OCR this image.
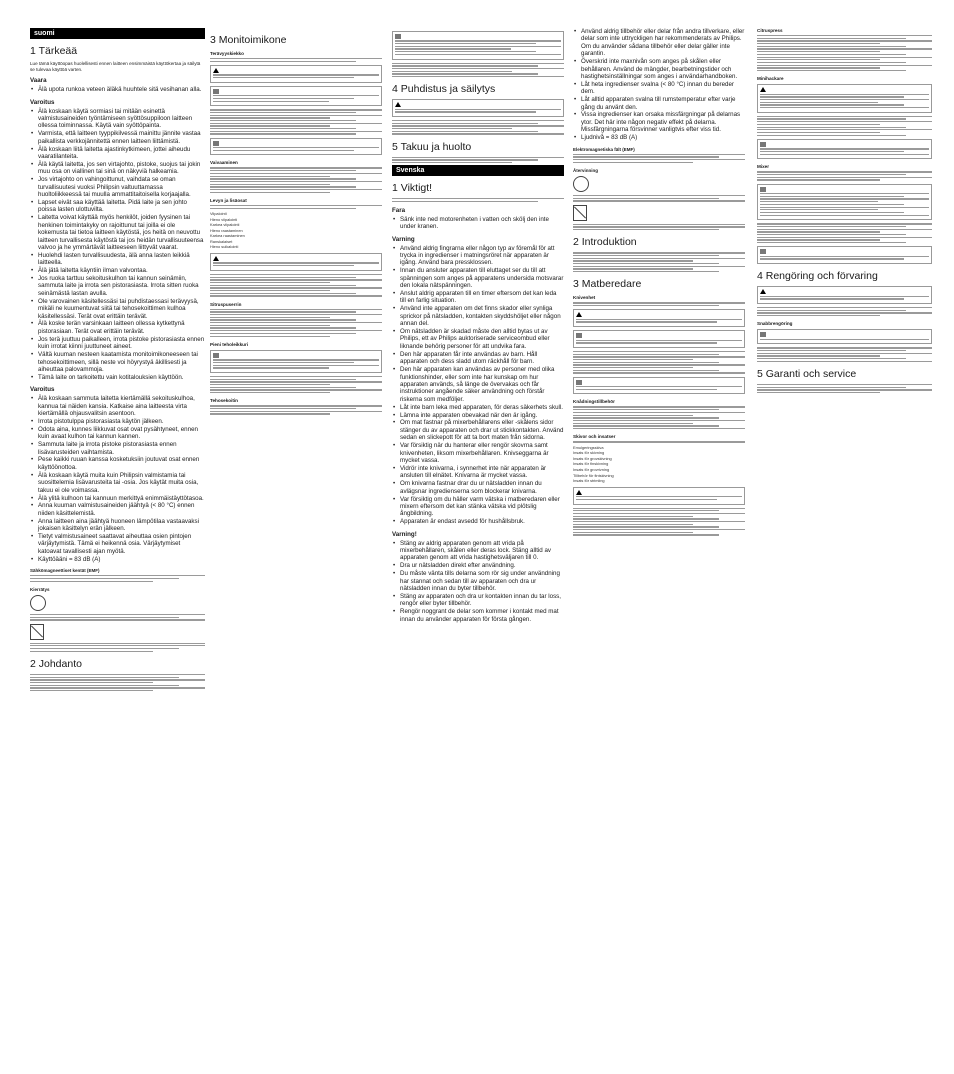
suomi
1 Tärkeää
Lue tämä käyttöopas huolellisesti ennen laitteen ensimmäistä käyttökertaa ja säilytä se tulevaa käyttöä varten.
Vaara
• Älä upota runkoa veteen äläkä huuhtele sitä vesihanan alla.
Varoitus
• Älä koskaan käytä sormiasi tai mitään esinettä valmistusaineiden työntämiseen syöttösuppiloon laitteen ollessa toiminnassa. Käytä vain syöttöpainta.
• Varmista, että laitteen tyyppikilvessä mainittu jännite vastaa paikallista verkkojännitettä ennen laitteen liittämistä.
• Älä koskaan liitä laitetta ajastinkytkimeen, jottei aiheudu vaaratilanteita.
• Älä käytä laitetta, jos sen virtajohto, pistoke, suojus tai jokin muu osa on viallinen tai sinä on näkyviä halkeamia.
• Jos virtajohto on vahingoittunut, vaihdata se oman turvallisuutesi vuoksi Philipsin valtuuttamassa huoltoliikkeessä tai muulla ammattitaitoisella korjaajalla.
• Lapset eivät saa käyttää laitetta. Pidä laite ja sen johto poissa lasten ulottuvilta.
• Laitetta voivat käyttää myös henkilöt, joiden fyysinen tai henkinen toimintakyky on rajoittunut tai joilla ei ole kokemusta tai tietoa laitteen käytöstä, jos heitä on neuvottu laitteen turvallisesta käytöstä tai jos heidän turvallisuuteensa valvoo ja he ymmärtävät laitteeseen liittyvät vaarat.
• Huolehdi lasten turvallisuudesta, älä anna lasten leikkiä laitteella.
• Älä jätä laitetta käyntiin ilman valvontaa.
• Jos ruoka tarttuu sekoituskulhon tai kannun seinämiin, sammuta laite ja irrota sen pistorasiasta. Irrota sitten ruoka seinämästä lastan avulla.
• Ole varovainen käsitellessäsi tai puhdistaessasi terävyysä, mikäli ne kuumentuvat siitä tai tehosekoittimen kulhoa käsitellessäsi. Terät ovat erittäin terävät.
• Älä koske terän varsinkaan laitteen ollessa kytkettynä pistorasiaan. Terät ovat erittäin terävät.
• Jos terä juuttuu paikalleen, irrota pistoke pistorasiasta ennen kuin irrotat kiinni juuttuneet aineet.
• Vältä kuuman nesteen kaatamista monitoimikoneeseen tai tehosekoittimeen, sillä neste voi höyrystyä äkillisesti ja aiheuttaa palovammoja.
• Tämä laite on tarkoitettu vain kotitalouksien käyttöön.
Varoitus
• Älä koskaan sammuta laitetta kiertämällä sekoituskulhoa, kannua tai näiden kansia. Katkaise aina laitteesta virta kiertämällä ohjausvalitsin asentoon.
• Irrota pistotulppa pistorasiasta käytön jälkeen.
• Odota aina, kunnes liikkuvat osat ovat pysähtyneet, ennen kuin avaat kulhon tai kannun kannen.
• Sammuta laite ja irrota pistoke pistorasiasta ennen lisävarusteiden vaihtamista.
• Pese kaikki ruuan kanssa kosketuksiin joutuvat osat ennen käyttöönottoa.
• Älä koskaan käytä muita kuin Philipsin valmistamia tai suosittelemia lisävarusteita tai -osia. Jos käytät muita osia, takuu ei ole voimassa.
• Älä ylitä kulhoon tai kannuun merkittyä enimmäistäyttötasoa.
• Anna kuuman valmistusaineiden jäähtyä (< 80 °C) ennen niiden käsittelemistä.
• Anna laitteen aina jäähtyä huoneen lämpötilaa vastaavaksi jokaisen käsittelyn erän jälkeen.
• Tietyt valmistusaineet saattavat aiheuttaa osien pintojen värjäytymistä. Tämä ei heikennä osia. Värjäytymiset katoavat tavallisesti ajan myötä.
• Käyttöääni = 83 dB (A)
Sähkömagneettiset kentät (EMF)
Kierrätys
2 Johdanto
3 Monitoimikone
Terävyyskiekko
Vaivaaminen
Levyn ja lisäosat
Viipalointi
Hieno viipalointi
Karkea viipalointi
Hieno raastaminen
Karkea raastaminen
Ranskalaiset
Hieno suikalointi
Sitruspuserrin
Pieni teholeikkuri
Tehosekoitin
4 Puhdistus ja säilytys
5 Takuu ja huolto
Svenska
1 Viktigt!
Fara
• Sänk inte ned motorenheten i vatten och skölj den inte under kranen.
Varning
• Använd aldrig fingrarna eller någon typ av föremål för att trycka in ingredienser i matningsröret när apparaten är igång. Använd bara pressklossen.
• Innan du ansluter apparaten till eluttaget ser du till att spänningen som anges på apparatens undersida motsvarar den lokala nätspänningen.
• Anslut aldrig apparaten till en timer eftersom det kan leda till en farlig situation.
• Använd inte apparaten om det finns skador eller synliga sprickor på nätsladden, kontakten skyddshöljet eller någon annan del.
• Om nätsladden är skadad måste den alltid bytas ut av Philips, ett av Philips auktoriserade serviceombud eller liknande behörig personer för att undvika fara.
• Den här apparaten får inte användas av barn. Håll apparaten och dess sladd utom räckhåll för barn.
• Den här apparaten kan användas av personer med olika funktionshinder, eller som inte har kunskap om hur apparaten används, så länge de övervakas och får instruktioner angående säker användning och förstår riskerna som medföljer.
• Låt inte barn leka med apparaten, för deras säkerhets skull.
• Lämna inte apparaten obevakad när den är igång.
• Om mat fastnar på mixerbehållarens eller -skålens sidor stänger du av apparaten och drar ut stickkontakten. Använd sedan en slickepott för att ta bort maten från sidorna.
• Var försiktig när du hanterar eller rengör skovrna samt knivenheten, liksom mixerbehållaren. Knivseggarna är mycket vassa.
• Vidrör inte knivarna, i synnerhet inte när apparaten är ansluten till elnätet. Knivarna är mycket vassa.
• Om knivarna fastnar drar du ur nätsladden innan du avlägsnar ingredienserna som blockerar knivarna.
• Var försiktig om du häller varm vätska i matberedaren eller mixern eftersom det kan stänka vätska vid plötslig ångbildning.
• Apparaten är endast avsedd för hushållsbruk.
Varning!
• Stäng av aldrig apparaten genom att vrida på mixerbehållaren, skålen eller deras lock. Stäng alltid av apparaten genom att vrida hastighetsväljaren till 0.
• Dra ur nätsladden direkt efter användning.
• Du måste vänta tills delarna som rör sig under användning har stannat och sedan till av apparaten och dra ur nätsladden innan du byter tillbehör.
• Stäng av apparaten och dra ur kontakten innan du tar loss, rengör eller byter tillbehör.
• Rengör noggrant de delar som kommer i kontakt med mat innan du använder apparaten för första gången.
• Använd aldrig tillbehör eller delar från andra tillverkare, eller delar som inte uttryckligen har rekommenderats av Philips. Om du använder sådana tillbehör eller delar gäller inte garantin.
• Överskrid inte maxnivån som anges på skålen eller behållaren. Använd de mängder, bearbetningstider och hastighetsinställningar som anges i användarhandboken.
• Låt heta ingredienser svalna (< 80 °C) innan du bereder dem.
• Låt alltid apparaten svalna till rumstemperatur efter varje gång du använt den.
• Vissa ingredienser kan orsaka missfärgningar på delarnas ytor. Det här inte någon negativ effekt på delarna. Missfärgningarna försvinner vanligtvis efter viss tid.
• Ljudnivå = 83 dB (A)
Elektromagnetiska fält (EMF)
Återvinning
2 Introduktion
3 Matberedare
Knivenhet
Knådningstillbehör
Skivor och insatser
Emulgeringsskiva
Insats för skivning
Insats för grovskivning
Insats för finskivning
Insats för grovrivning
Tillbehör för fintskivning
Insats för strimling
Citruspress
Minihackare
Mixer
4 Rengöring och förvaring
Snabbrengöring
5 Garanti och service
